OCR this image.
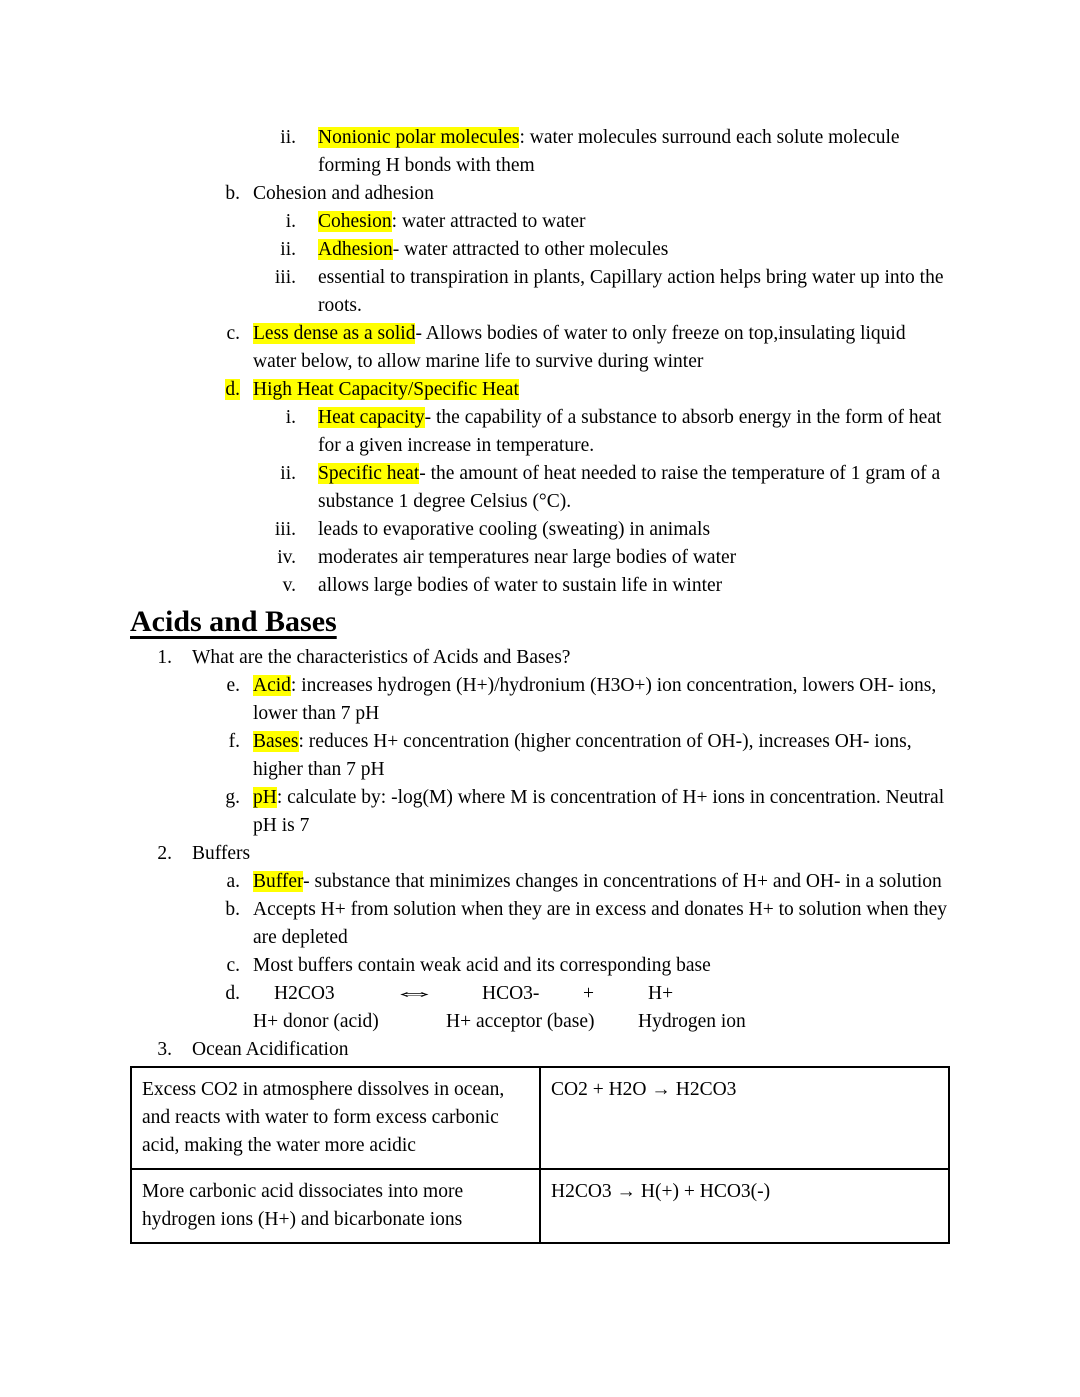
ii. Nonionic polar molecules: water molecules surround each solute molecule forming H bonds with them
b. Cohesion and adhesion
i. Cohesion: water attracted to water
ii. Adhesion- water attracted to other molecules
iii. essential to transpiration in plants, Capillary action helps bring water up into the roots.
c. Less dense as a solid- Allows bodies of water to only freeze on top,insulating liquid water below, to allow marine life to survive during winter
d. High Heat Capacity/Specific Heat
i. Heat capacity- the capability of a substance to absorb energy in the form of heat for a given increase in temperature.
ii. Specific heat- the amount of heat needed to raise the temperature of 1 gram of a substance 1 degree Celsius (°C).
iii. leads to evaporative cooling (sweating) in animals
iv. moderates air temperatures near large bodies of water
v. allows large bodies of water to sustain life in winter
Acids and Bases
1. What are the characteristics of Acids and Bases?
e. Acid: increases hydrogen (H+)/hydronium (H3O+) ion concentration, lowers OH- ions, lower than 7 pH
f. Bases: reduces H+ concentration (higher concentration of OH-), increases OH- ions, higher than 7 pH
g. pH: calculate by: -log(M) where M is concentration of H+ ions in concentration. Neutral pH is 7
2. Buffers
a. Buffer- substance that minimizes changes in concentrations of H+ and OH- in a solution
b. Accepts H+ from solution when they are in excess and donates H+ to solution when they are depleted
c. Most buffers contain weak acid and its corresponding base
d. H2CO3	⇔ HCO3- +	H+
H+ donor (acid)	H+ acceptor (base) Hydrogen ion
3. Ocean Acidification
Excess CO2 in atmosphere dissolves in ocean, and reacts with water to form excess carbonic acid, making the water more acidic	CO2 + H2O → H2CO3
More carbonic acid dissociates into more hydrogen ions (H+) and bicarbonate ions	H2CO3 → H(+) + HCO3(-)
